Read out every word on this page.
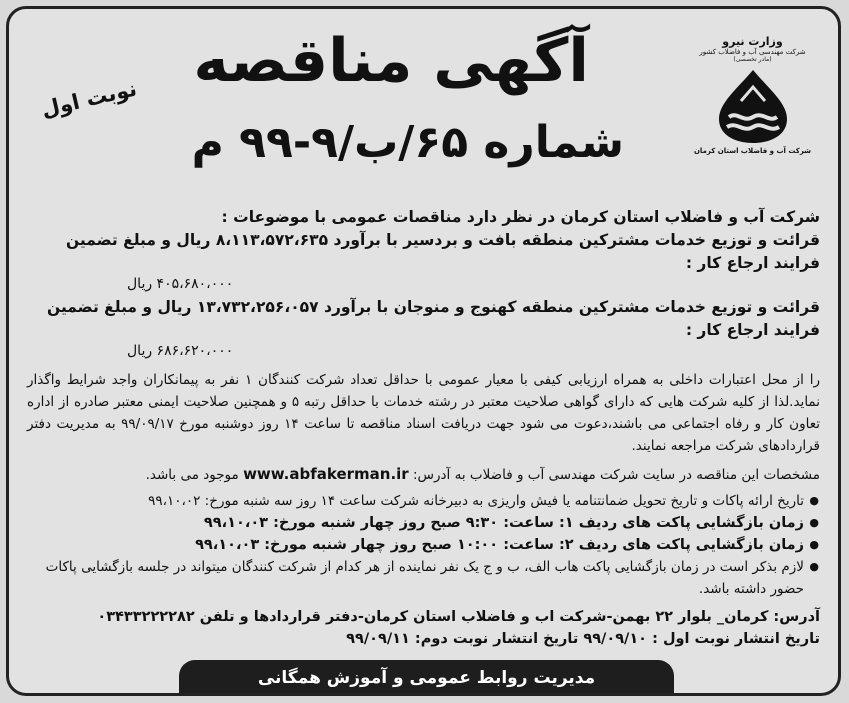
آگهی مناقصه
شماره ۶۵/ب/۹-۹۹ م
نوبت اول
وزارت نیرو
شرکت مهندسی آب و فاضلاب کشور
(مادر تخصصی)
شرکت آب و فاضلاب استان کرمان

شرکت آب و فاضلاب استان کرمان در نظر دارد مناقصات عمومی با موضوعات :

قرائت و توزیع خدمات مشترکین منطقه بافت و بردسیر با برآورد ۸،۱۱۳،۵۷۲،۶۳۵ ریال و مبلغ تضمین فرایند ارجاع کار :

۴۰۵،۶۸۰،۰۰۰ ریال

قرائت و توزیع خدمات مشترکین منطقه کهنوج و منوجان با برآورد ۱۳،۷۳۲،۲۵۶،۰۵۷ ریال و مبلغ تضمین فرایند ارجاع کار :

۶۸۶،۶۲۰،۰۰۰ ریال

را از محل اعتبارات داخلی به همراه ارزیابی کیفی با معیار عمومی با حداقل تعداد شرکت کنندگان ۱ نفر به پیمانکاران واجد شرایط واگذار نماید.لذا از کلیه شرکت هایی که دارای گواهی صلاحیت معتبر در رشته خدمات با حداقل رتبه ۵ و همچنین صلاحیت ایمنی معتبر صادره از اداره تعاون کار و رفاه اجتماعی می باشند،دعوت می شود جهت دریافت اسناد مناقصه تا ساعت ۱۴ روز دوشنبه مورخ ۹۹/۰۹/۱۷ به مدیریت دفتر قراردادهای شرکت مراجعه نمایند.

مشخصات این مناقصه در سایت شرکت مهندسی آب و فاضلاب به آدرس: www.abfakerman.ir موجود می باشد.

● تاریخ ارائه پاکات و تاریخ تحویل ضمانتنامه یا فیش واریزی به دبیرخانه شرکت ساعت ۱۴ روز سه شنبه مورخ: ۹۹،۱۰،۰۲
● زمان بازگشایی پاکت های ردیف ۱: ساعت: ۹:۳۰ صبح روز چهار شنبه مورخ: ۹۹،۱۰،۰۳
● زمان بازگشایی پاکت های ردیف ۲: ساعت: ۱۰:۰۰ صبح روز چهار شنبه مورخ: ۹۹،۱۰،۰۳
● لازم بذکر است در زمان بازگشایی پاکت هاب الف، ب و ج یک نفر نماینده از هر کدام از شرکت کنندگان میتواند در جلسه بازگشایی پاکات حضور داشته باشد.

آدرس: کرمان_ بلوار ۲۲ بهمن-شرکت اب و فاضلاب استان کرمان-دفتر قراردادها و تلفن ۰۳۴۳۳۲۲۲۲۸۲

تاریخ انتشار نوبت اول : ۹۹/۰۹/۱۰ تاریخ انتشار نوبت دوم: ۹۹/۰۹/۱۱

مدیریت روابط عمومی و آموزش همگانی
